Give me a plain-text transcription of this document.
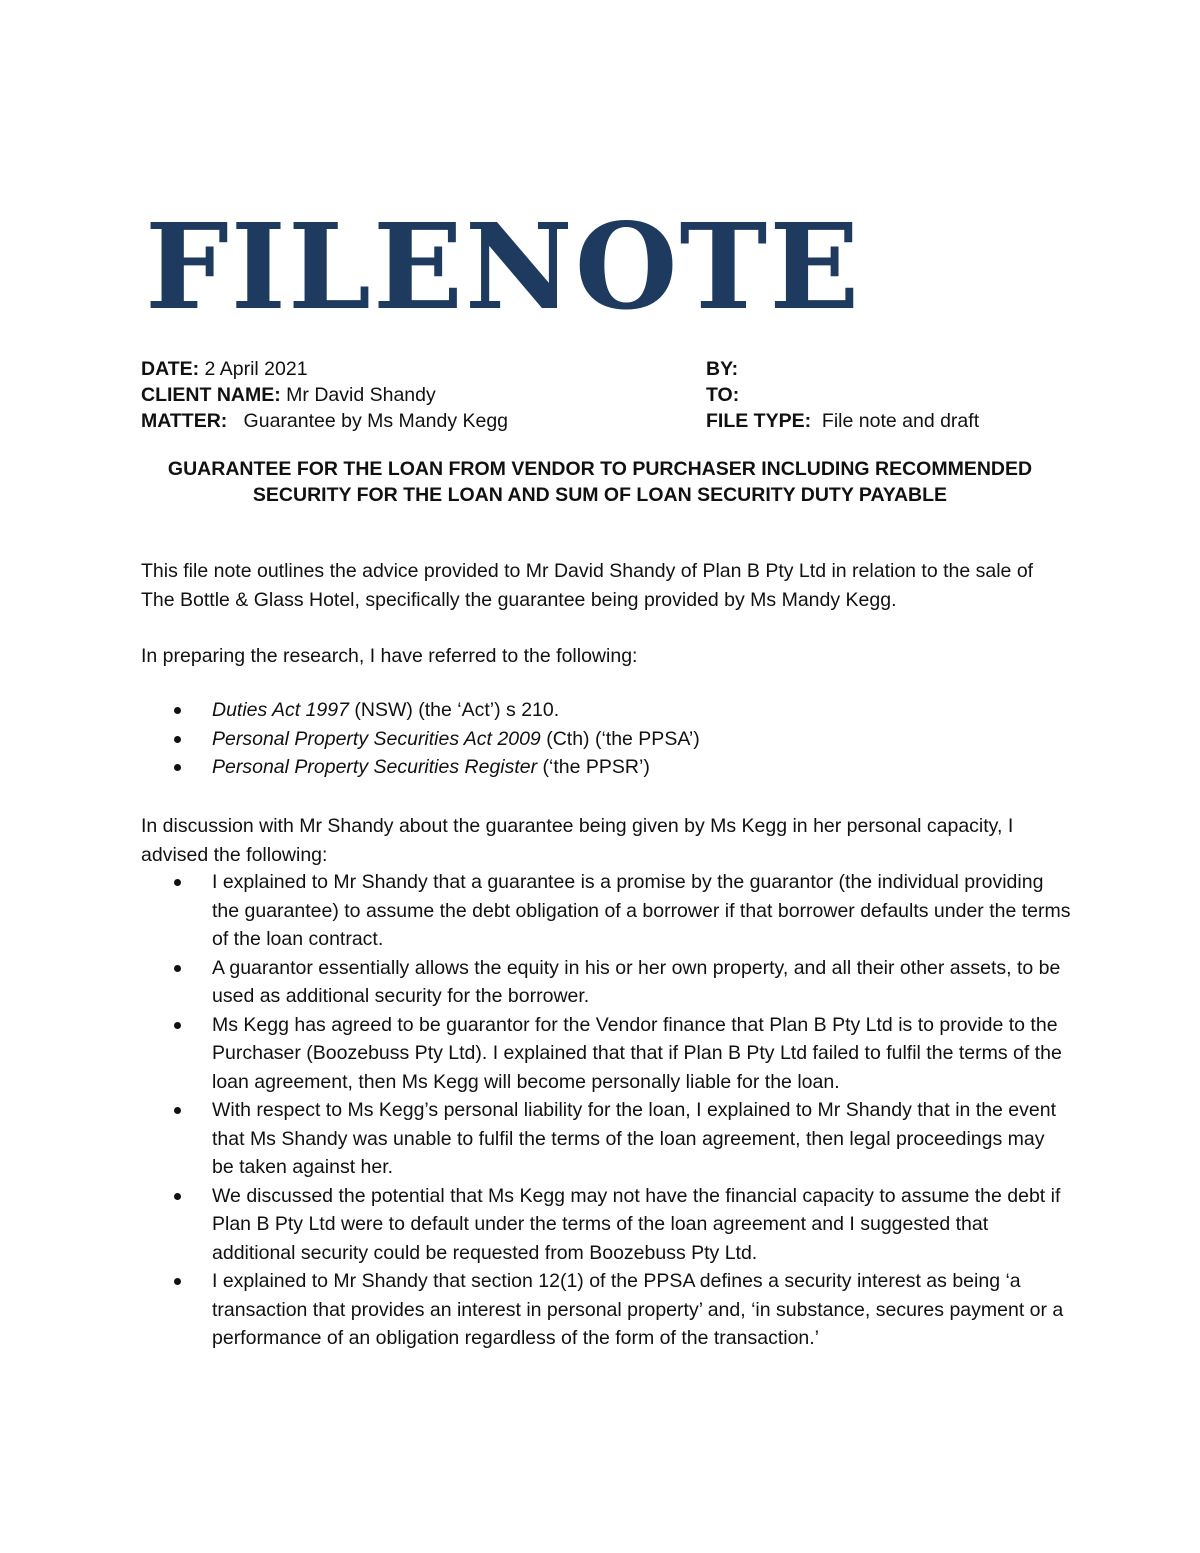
FILENOTE
DATE: 2 April 2021
CLIENT NAME: Mr David Shandy
MATTER:   Guarantee by Ms Mandy Kegg
BY:
TO:
FILE TYPE:  File note and draft
GUARANTEE FOR THE LOAN FROM VENDOR TO PURCHASER INCLUDING RECOMMENDED SECURITY FOR THE LOAN AND SUM OF LOAN SECURITY DUTY PAYABLE

This file note outlines the advice provided to Mr David Shandy of Plan B Pty Ltd in relation to the sale of The Bottle & Glass Hotel, specifically the guarantee being provided by Ms Mandy Kegg.

In preparing the research, I have referred to the following:

Duties Act 1997 (NSW) (the ‘Act’) s 210.
Personal Property Securities Act 2009 (Cth) (‘the PPSA’)
Personal Property Securities Register (‘the PPSR’)

In discussion with Mr Shandy about the guarantee being given by Ms Kegg in her personal capacity, I advised the following:

I explained to Mr Shandy that a guarantee is a promise by the guarantor (the individual providing the guarantee) to assume the debt obligation of a borrower if that borrower defaults under the terms of the loan contract.
A guarantor essentially allows the equity in his or her own property, and all their other assets, to be used as additional security for the borrower.
Ms Kegg has agreed to be guarantor for the Vendor finance that Plan B Pty Ltd is to provide to the Purchaser (Boozebuss Pty Ltd). I explained that that if Plan B Pty Ltd failed to fulfil the terms of the loan agreement, then Ms Kegg will become personally liable for the loan.
With respect to Ms Kegg’s personal liability for the loan, I explained to Mr Shandy that in the event that Ms Shandy was unable to fulfil the terms of the loan agreement, then legal proceedings may be taken against her.
We discussed the potential that Ms Kegg may not have the financial capacity to assume the debt if Plan B Pty Ltd were to default under the terms of the loan agreement and I suggested that additional security could be requested from Boozebuss Pty Ltd.
I explained to Mr Shandy that section 12(1) of the PPSA defines a security interest as being ‘a transaction that provides an interest in personal property’ and, ‘in substance, secures payment or a performance of an obligation regardless of the form of the transaction.’
